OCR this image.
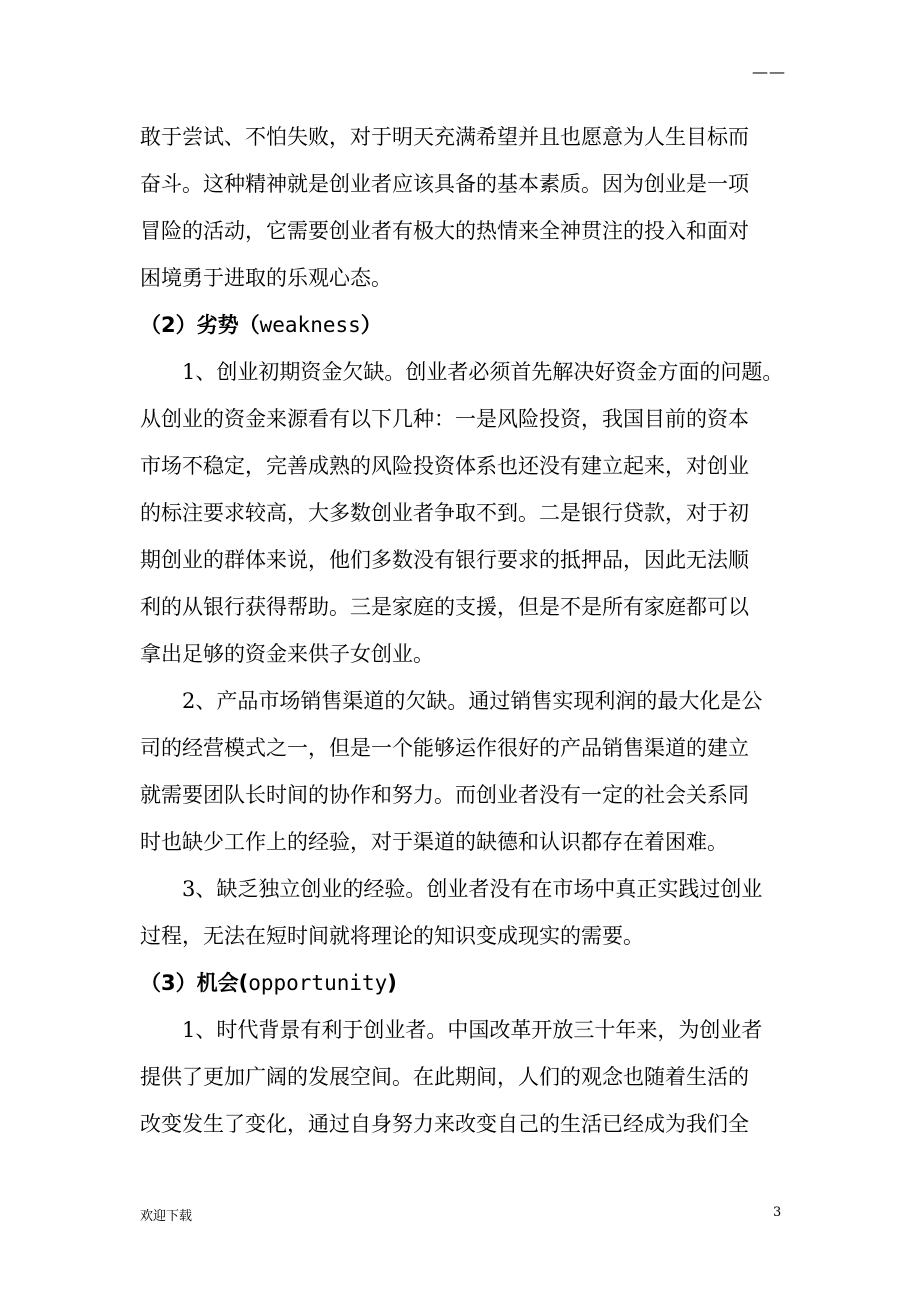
——
敢于尝试、不怕失败，对于明天充满希望并且也愿意为人生目标而
奋斗。这种精神就是创业者应该具备的基本素质。因为创业是一项
冒险的活动，它需要创业者有极大的热情来全神贯注的投入和面对
困境勇于进取的乐观心态。
（2）劣势（weakness）
1、创业初期资金欠缺。创业者必须首先解决好资金方面的问题。
从创业的资金来源看有以下几种：一是风险投资，我国目前的资本
市场不稳定，完善成熟的风险投资体系也还没有建立起来，对创业
的标注要求较高，大多数创业者争取不到。二是银行贷款，对于初
期创业的群体来说，他们多数没有银行要求的抵押品，因此无法顺
利的从银行获得帮助。三是家庭的支援，但是不是所有家庭都可以
拿出足够的资金来供子女创业。
2、产品市场销售渠道的欠缺。通过销售实现利润的最大化是公
司的经营模式之一，但是一个能够运作很好的产品销售渠道的建立
就需要团队长时间的协作和努力。而创业者没有一定的社会关系同
时也缺少工作上的经验，对于渠道的缺德和认识都存在着困难。
3、缺乏独立创业的经验。创业者没有在市场中真正实践过创业
过程，无法在短时间就将理论的知识变成现实的需要。
（3）机会(opportunity)
1、时代背景有利于创业者。中国改革开放三十年来，为创业者
提供了更加广阔的发展空间。在此期间，人们的观念也随着生活的
改变发生了变化，通过自身努力来改变自己的生活已经成为我们全
欢迎下载	3
